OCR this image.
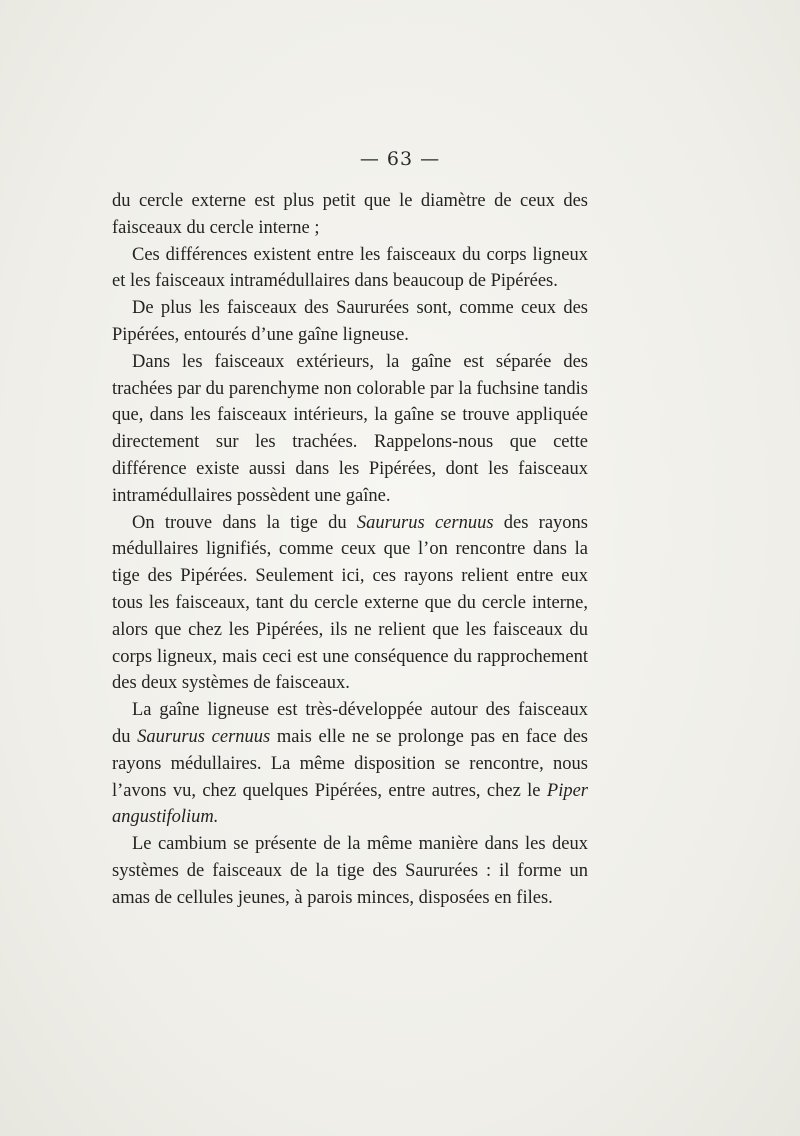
— 63 —

du cercle externe est plus petit que le diamètre de ceux des faisceaux du cercle interne ;

Ces différences existent entre les faisceaux du corps ligneux et les faisceaux intramédullaires dans beaucoup de Pipérées.

De plus les faisceaux des Saururées sont, comme ceux des Pipérées, entourés d’une gaîne ligneuse.

Dans les faisceaux extérieurs, la gaîne est séparée des trachées par du parenchyme non colorable par la fuchsine tandis que, dans les faisceaux intérieurs, la gaîne se trouve appliquée directement sur les trachées. Rappelons-nous que cette différence existe aussi dans les Pipérées, dont les faisceaux intramédullaires possèdent une gaîne.

On trouve dans la tige du Saururus cernuus des rayons médullaires lignifiés, comme ceux que l’on rencontre dans la tige des Pipérées. Seulement ici, ces rayons relient entre eux tous les faisceaux, tant du cercle externe que du cercle interne, alors que chez les Pipérées, ils ne relient que les faisceaux du corps ligneux, mais ceci est une conséquence du rapprochement des deux systèmes de faisceaux.

La gaîne ligneuse est très-développée autour des faisceaux du Saururus cernuus mais elle ne se prolonge pas en face des rayons médullaires. La même disposition se rencontre, nous l’avons vu, chez quelques Pipérées, entre autres, chez le Piper angustifolium.

Le cambium se présente de la même manière dans les deux systèmes de faisceaux de la tige des Saururées : il forme un amas de cellules jeunes, à parois minces, disposées en files.
